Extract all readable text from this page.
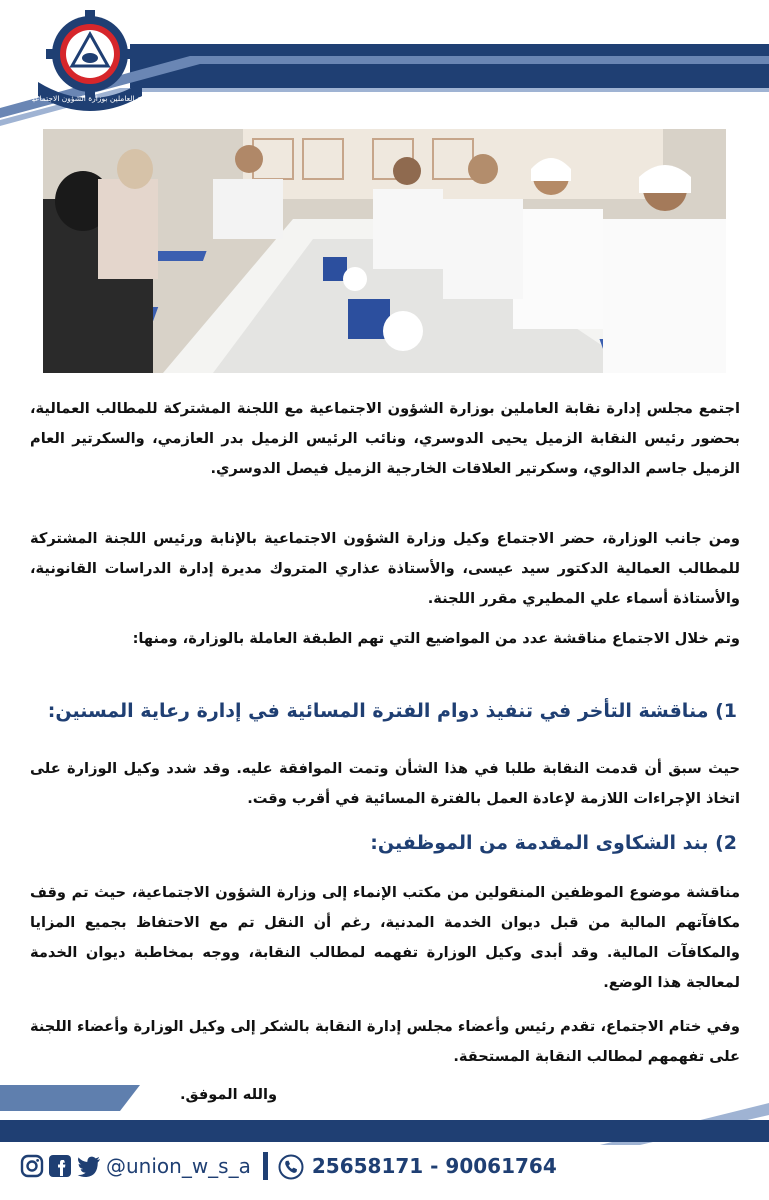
نقابة العاملين بوزارة الشؤون الاجتماعية
اجتمع مجلس إدارة نقابة العاملين بوزارة الشؤون الاجتماعية مع اللجنة المشتركة للمطالب العمالية، بحضور رئيس النقابة الزميل يحيى الدوسري، ونائب الرئيس الزميل بدر العازمي، والسكرتير العام الزميل جاسم الدالوي، وسكرتير العلاقات الخارجية الزميل فيصل الدوسري.
ومن جانب الوزارة، حضر الاجتماع وكيل وزارة الشؤون الاجتماعية بالإنابة ورئيس اللجنة المشتركة للمطالب العمالية الدكتور سيد عيسى، والأستاذة عذاري المتروك مديرة إدارة الدراسات القانونية، والأستاذة أسماء علي المطيري مقرر اللجنة.
وتم خلال الاجتماع مناقشة عدد من المواضيع التي تهم الطبقة العاملة بالوزارة، ومنها:
1) مناقشة التأخر في تنفيذ دوام الفترة المسائية في إدارة رعاية المسنين:
حيث سبق أن قدمت النقابة طلبا في هذا الشأن وتمت الموافقة عليه. وقد شدد وكيل الوزارة على اتخاذ الإجراءات اللازمة لإعادة العمل بالفترة المسائية في أقرب وقت.
2) بند الشكاوى المقدمة من الموظفين:
مناقشة موضوع الموظفين المنقولين من مكتب الإنماء إلى وزارة الشؤون الاجتماعية، حيث تم وقف مكافآتهم المالية من قبل ديوان الخدمة المدنية، رغم أن النقل تم مع الاحتفاظ بجميع المزايا والمكافآت المالية. وقد أبدى وكيل الوزارة تفهمه لمطالب النقابة، ووجه بمخاطبة ديوان الخدمة لمعالجة هذا الوضع.
وفي ختام الاجتماع، تقدم رئيس وأعضاء مجلس إدارة النقابة بالشكر إلى وكيل الوزارة وأعضاء اللجنة على تفهمهم لمطالب النقابة المستحقة.
والله الموفق.
@union_w_s_a	25658171 - 90061764
